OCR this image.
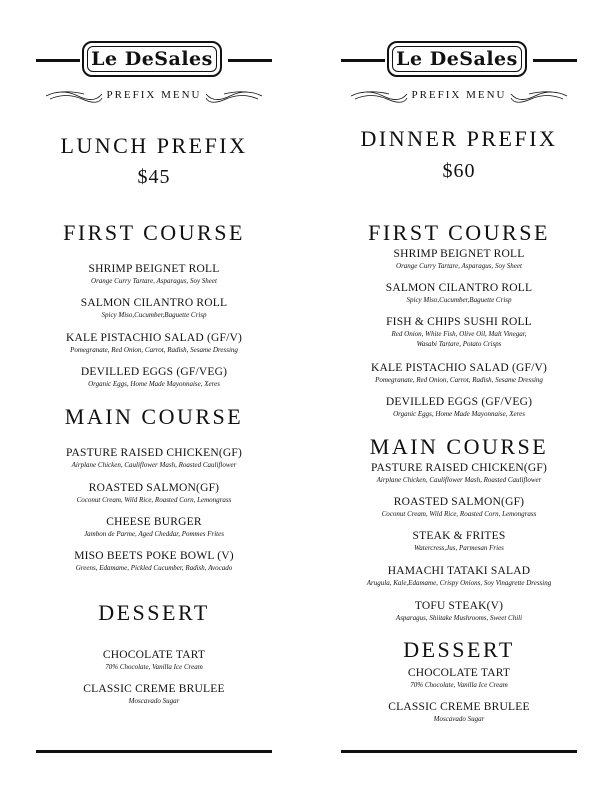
Le DeSales
PREFIX MENU
LUNCH PREFIX
$45
FIRST COURSE
SHRIMP BEIGNET ROLL
Orange Curry Tartare, Asparagus, Soy Sheet
SALMON CILANTRO ROLL
Spicy Miso,Cucumber,Baguette Crisp
KALE PISTACHIO SALAD (GF/V)
Pomegranate, Red Onion, Carrot, Radish, Sesame Dressing
DEVILLED EGGS (GF/VEG)
Organic Eggs, Home Made Mayonnaise, Xeres
MAIN COURSE
PASTURE RAISED CHICKEN(GF)
Airplane Chicken, Cauliflower Mash, Roasted Cauliflower
ROASTED SALMON(GF)
Coconut Cream, Wild Rice, Roasted Corn, Lemongrass
CHEESE BURGER
Jambon de Parme, Aged Cheddar, Pommes Frites
MISO BEETS POKE BOWL (V)
Greens, Edamame, Pickled Cucumber, Radish, Avocado
DESSERT
CHOCOLATE TART
70% Chocolate, Vanilla Ice Cream
CLASSIC CREME BRULEE
Moscavado Sugar
Le DeSales
PREFIX MENU
DINNER PREFIX
$60
FIRST COURSE
SHRIMP BEIGNET ROLL
Orange Curry Tartare, Asparagus, Soy Sheet
SALMON CILANTRO ROLL
Spicy Miso,Cucumber,Baguette Crisp
FISH & CHIPS SUSHI ROLL
Red Onion, White Fish, Olive Oil, Malt Vinegar,
Wasabi Tartare, Potato Crisps
KALE PISTACHIO SALAD (GF/V)
Pomegranate, Red Onion, Carrot, Radish, Sesame Dressing
DEVILLED EGGS (GF/VEG)
Organic Eggs, Home Made Mayonnaise, Xeres
MAIN COURSE
PASTURE RAISED CHICKEN(GF)
Airplane Chicken, Cauliflower Mash, Roasted Cauliflower
ROASTED SALMON(GF)
Coconut Cream, Wild Rice, Roasted Corn, Lemongrass
STEAK & FRITES
Watercress,Jus, Parmesan Fries
HAMACHI TATAKI SALAD
Arugula, Kale,Edamame, Crispy Onions, Soy Vinagrette Dressing
TOFU STEAK(V)
Asparagus, Shiitake Mushrooms, Sweet Chili
DESSERT
CHOCOLATE TART
70% Chocolate, Vanilla Ice Cream
CLASSIC CREME BRULEE
Moscavado Sugar
